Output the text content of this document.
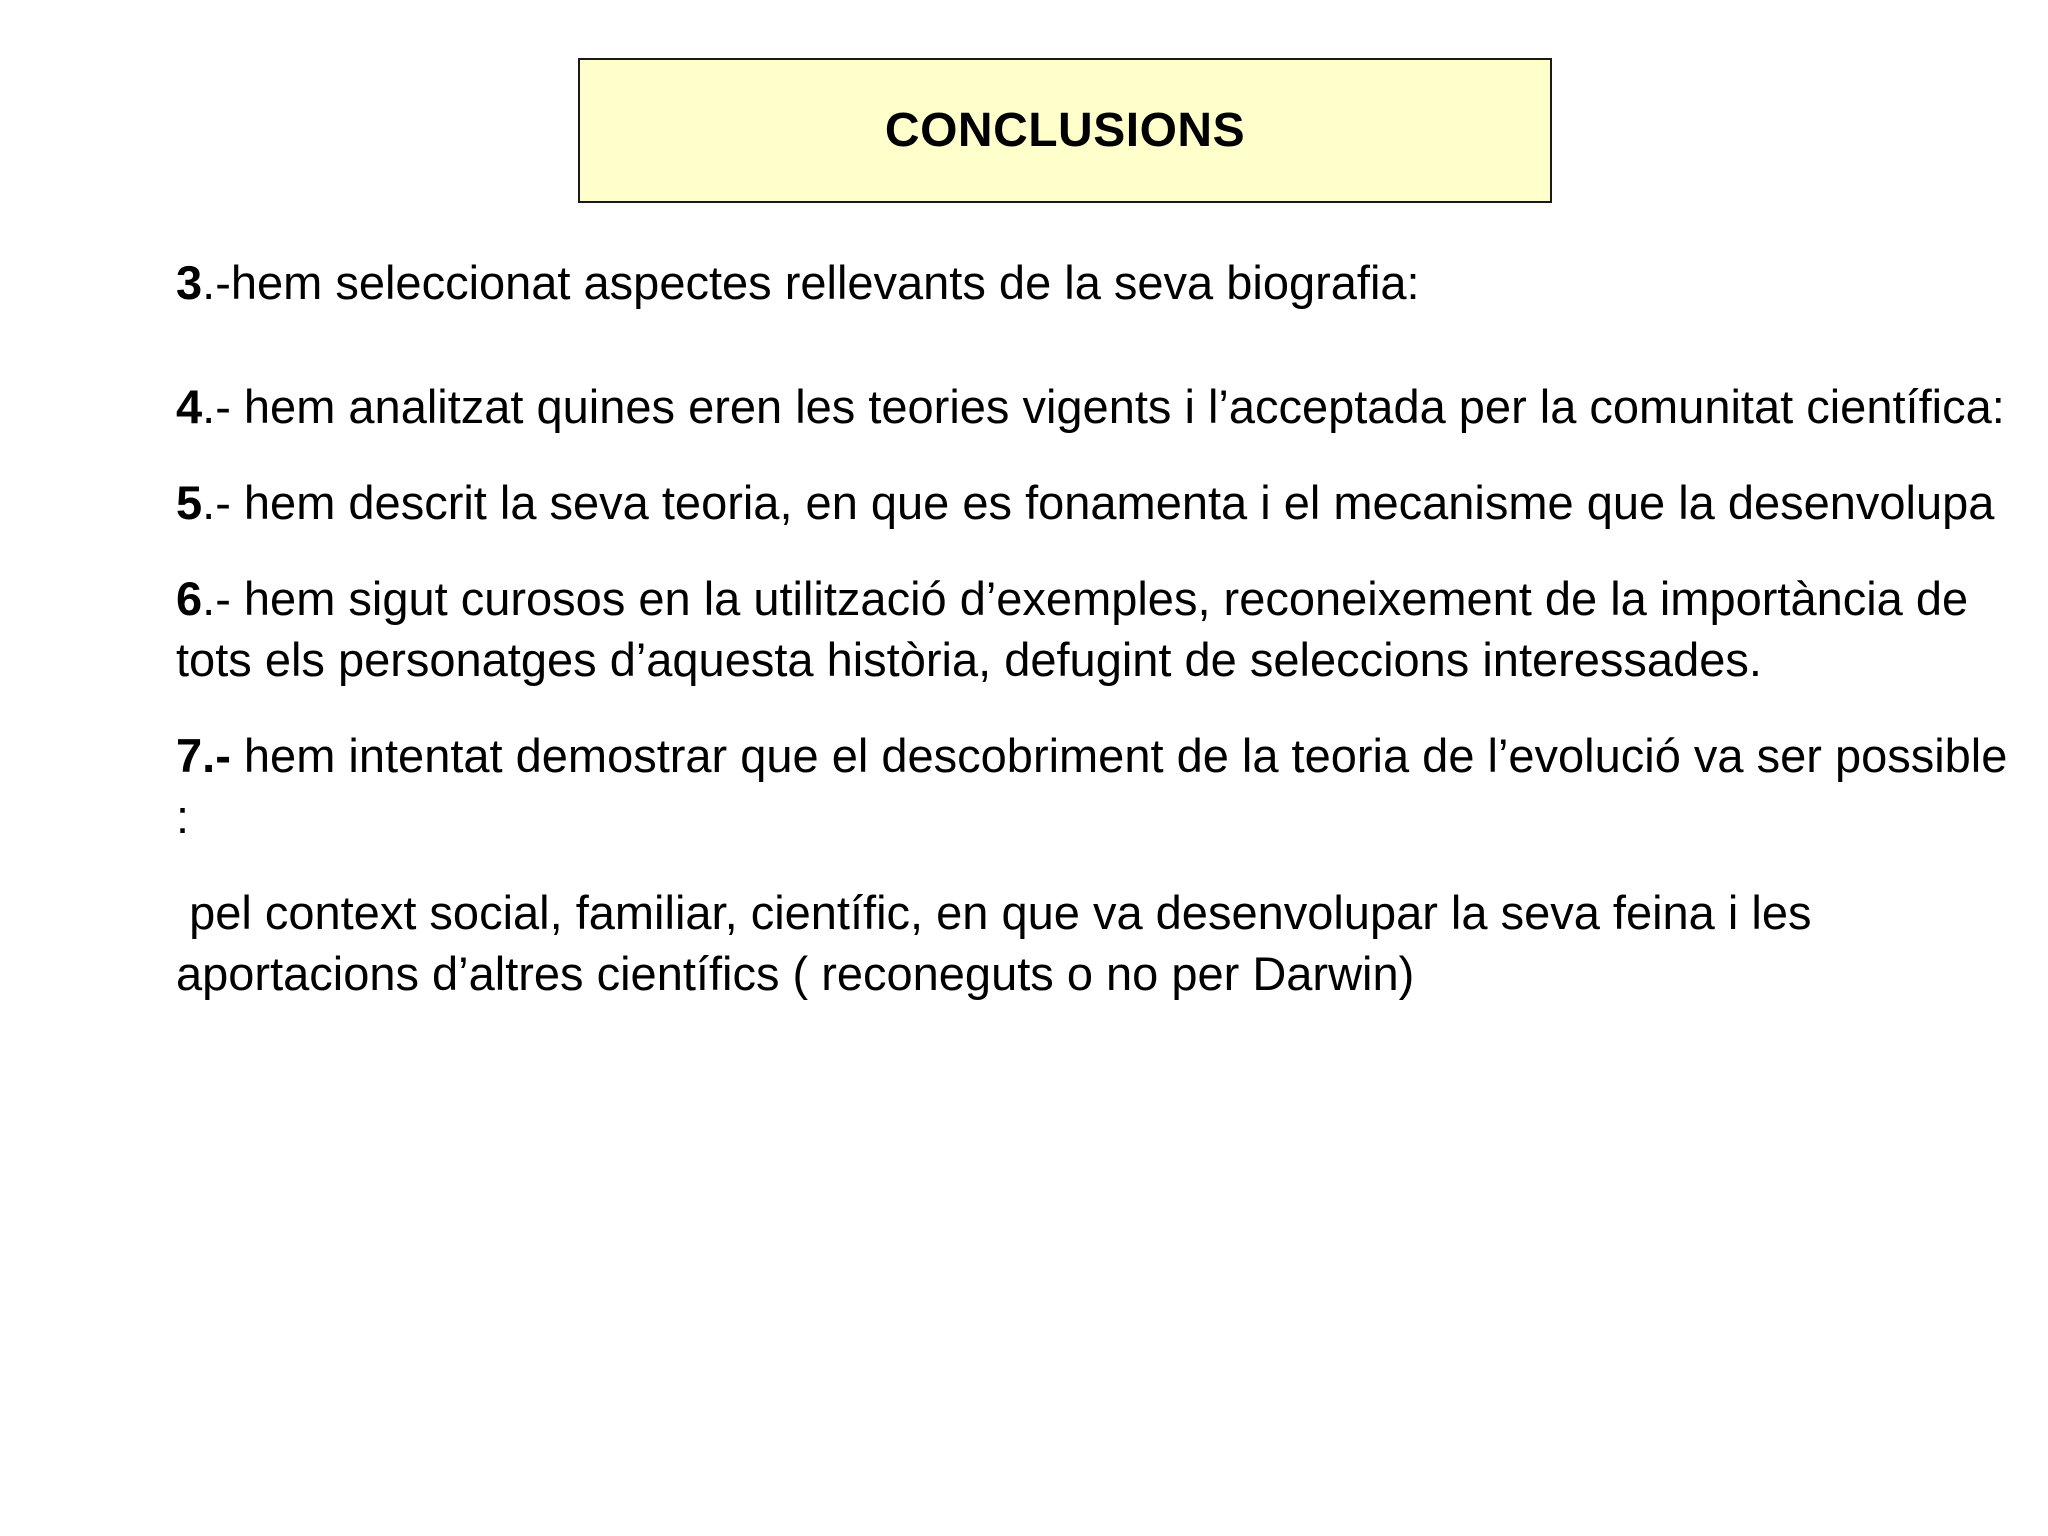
CONCLUSIONS

3.-hem seleccionat aspectes rellevants de la seva biografia:

4.- hem analitzat quines eren les teories vigents i l’acceptada per la comunitat científica:

5.- hem descrit la seva teoria, en que es fonamenta i el mecanisme que la desenvolupa

6.- hem sigut curosos en la utilització d’exemples, reconeixement de la importància de tots els personatges d’aquesta història, defugint de seleccions interessades.

7.- hem intentat demostrar que el descobriment de la teoria de l’evolució va ser possible :

pel context social, familiar, científic, en que va desenvolupar la seva feina i les aportacions d’altres científics ( reconeguts o no per Darwin)
